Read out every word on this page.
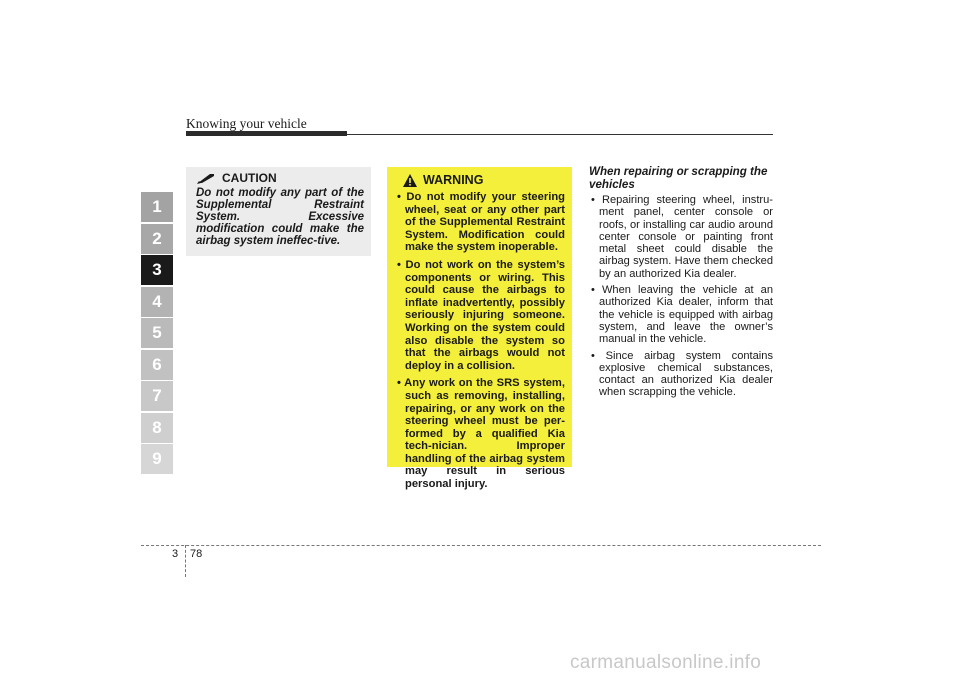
Knowing your vehicle
1
2
3
4
5
6
7
8
9
CAUTION
Do not modify any part of the Supplemental Restraint System. Excessive modification could make the airbag system ineffec-tive.
WARNING
• Do not modify your steering wheel, seat or any other part of the Supplemental Restraint System. Modification could make the system inoperable.
• Do not work on the system’s components or wiring. This could cause the airbags to inflate inadvertently, possibly seriously injuring someone. Working on the system could also disable the system so that the airbags would not deploy in a collision.
• Any work on the SRS system, such as removing, installing, repairing, or any work on the steering wheel must be per-formed by a qualified Kia tech-nician. Improper handling of the airbag system may result in serious personal injury.
When repairing or scrapping the vehicles
• Repairing steering wheel, instru-ment panel, center console or roofs, or installing car audio around center console or painting front metal sheet could disable the airbag system. Have them checked by an authorized Kia dealer.
• When leaving the vehicle at an authorized Kia dealer, inform that the vehicle is equipped with airbag system, and leave the owner’s manual in the vehicle.
• Since airbag system contains explosive chemical substances, contact an authorized Kia dealer when scrapping the vehicle.
3 78
carmanualsonline.info
